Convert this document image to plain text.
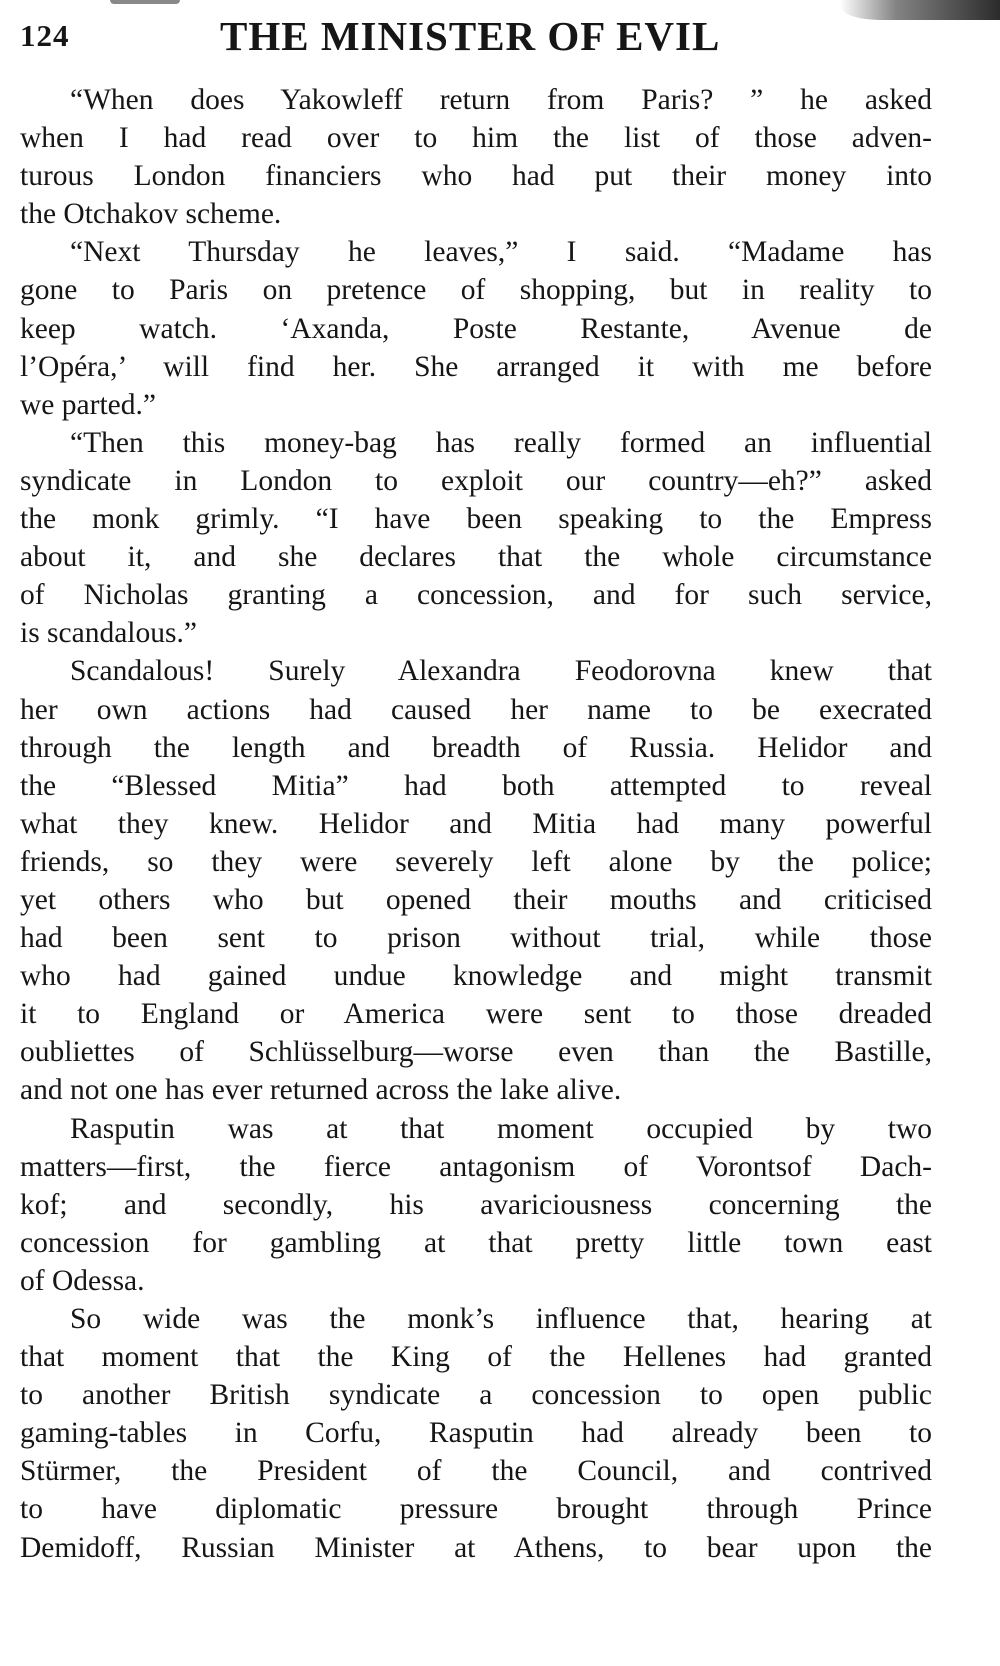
124	THE MINISTER OF EVIL
“When does Yakowleff return from Paris? ” he asked
when I had read over to him the list of those adven-
turous London financiers who had put their money into
the Otchakov scheme.
“Next Thursday he leaves,” I said. “Madame has
gone to Paris on pretence of shopping, but in reality to
keep watch. ‘Axanda, Poste Restante, Avenue de
l’Opéra,’ will find her. She arranged it with me before
we parted.”
“Then this money-bag has really formed an influential
syndicate in London to exploit our country—eh?” asked
the monk grimly. “I have been speaking to the Empress
about it, and she declares that the whole circumstance
of Nicholas granting a concession, and for such service,
is scandalous.”
Scandalous! Surely Alexandra Feodorovna knew that
her own actions had caused her name to be execrated
through the length and breadth of Russia. Helidor and
the “Blessed Mitia” had both attempted to reveal
what they knew. Helidor and Mitia had many powerful
friends, so they were severely left alone by the police;
yet others who but opened their mouths and criticised
had been sent to prison without trial, while those
who had gained undue knowledge and might transmit
it to England or America were sent to those dreaded
oubliettes of Schlüsselburg—worse even than the Bastille,
and not one has ever returned across the lake alive.
Rasputin was at that moment occupied by two
matters—first, the fierce antagonism of Vorontsof Dach-
kof; and secondly, his avariciousness concerning the
concession for gambling at that pretty little town east
of Odessa.
So wide was the monk’s influence that, hearing at
that moment that the King of the Hellenes had granted
to another British syndicate a concession to open public
gaming-tables in Corfu, Rasputin had already been to
Stürmer, the President of the Council, and contrived
to have diplomatic pressure brought through Prince
Demidoff, Russian Minister at Athens, to bear upon the
